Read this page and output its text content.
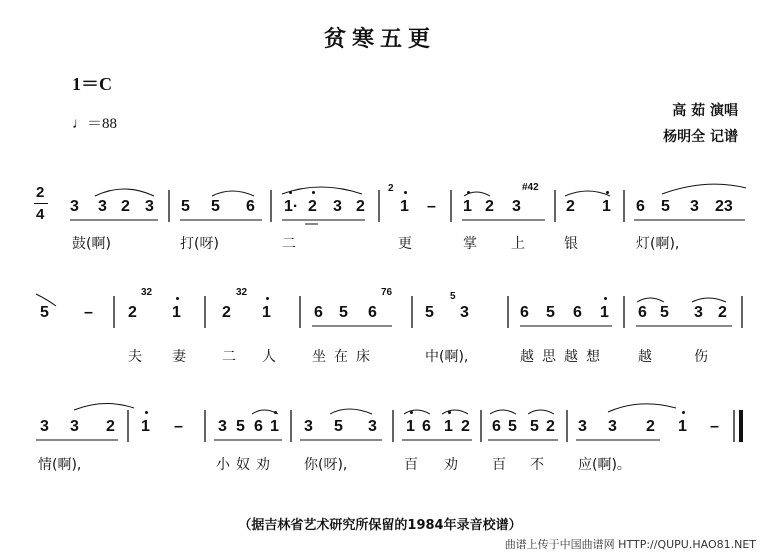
贫寒五更
1＝C
♩＝88
高 茹 演唱
杨明全 记谱
2
4 3 3 2 3 5 5 6 1· 2 3 2
2
1 – 1 2 3
#42
2 1 6 5 3 23
鼓(啊)	打(呀)	二	更	掌 上	银	灯(啊),
5 – 2
32
1	2
32
1	6 5 6
76
5
5
3	6 5 6 1 6 5 3 2
夫 妻	二 人	坐在床	中(啊),	越思越想 越	伤
3 3 2 1 – 3 5 6 1 3 5 3 1 6 1 2 6 5 5 2 3 3 2 1 –
情(啊),	小奴劝 你(呀),	百 劝 百 不 应(啊)。
（据吉林省艺术研究所保留的1984年录音校谱）
曲谱上传于中国曲谱网 HTTP://QUPU.HAO81.NET
